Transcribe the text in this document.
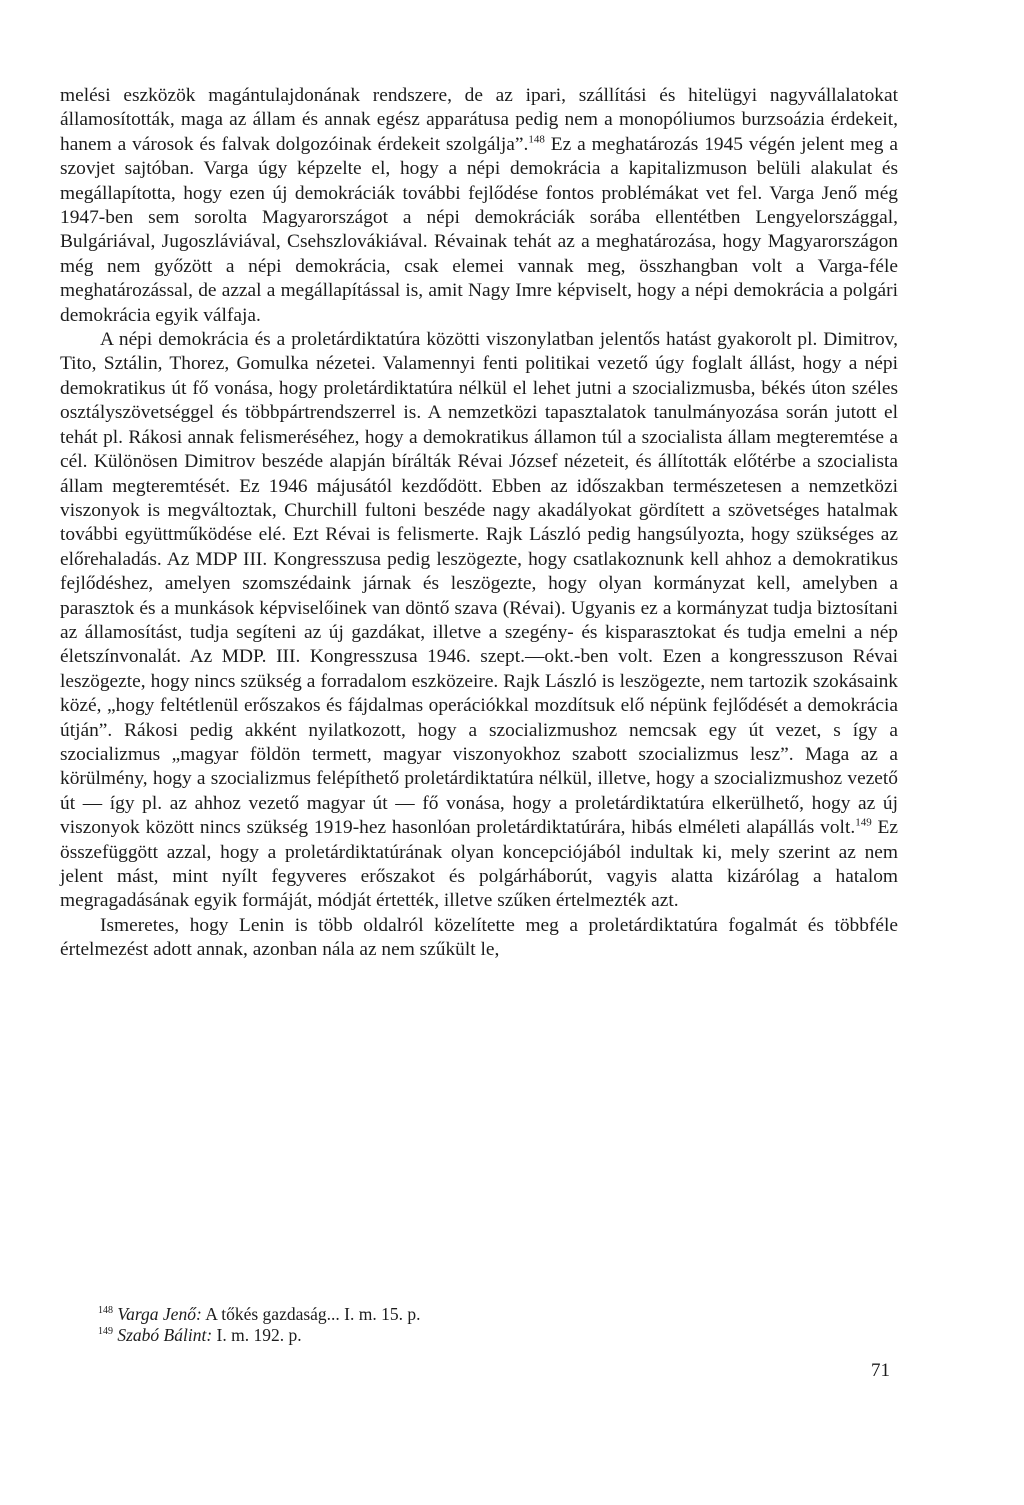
melési eszközök magántulajdonának rendszere, de az ipari, szállítási és hitelügyi nagyvállalatokat államosították, maga az állam és annak egész apparátusa pedig nem a monopóliumos burzsoázia érdekeit, hanem a városok és falvak dolgozóinak érdekeit szolgálja”.$^{148}$ Ez a meghatározás 1945 végén jelent meg a szovjet sajtóban. Varga úgy képzelte el, hogy a népi demokrácia a kapitalizmuson belüli alakulat és megállapította, hogy ezen új demokráciák további fejlődése fontos problémákat vet fel. Varga Jenő még 1947-ben sem sorolta Magyarországot a népi demokráciák sorába ellentétben Lengyelországgal, Bulgáriával, Jugoszláviával, Csehszlovákiával. Révainak tehát az a meghatározása, hogy Magyarországon még nem győzött a népi demokrácia, csak elemei vannak meg, összhangban volt a Varga-féle meghatározással, de azzal a megállapítással is, amit Nagy Imre képviselt, hogy a népi demokrácia a polgári demokrácia egyik válfaja.

A népi demokrácia és a proletárdiktatúra közötti viszonylatban jelentős hatást gyakorolt pl. Dimitrov, Tito, Sztálin, Thorez, Gomulka nézetei. Valamennyi fenti politikai vezető úgy foglalt állást, hogy a népi demokratikus út fő vonása, hogy proletárdiktatúra nélkül el lehet jutni a szocializmusba, békés úton széles osztályszövetséggel és többpártrendszerrel is. A nemzetközi tapasztalatok tanulmányozása során jutott el tehát pl. Rákosi annak felismeréséhez, hogy a demokratikus államon túl a szocialista állam megteremtése a cél. Különösen Dimitrov beszéde alapján bírálták Révai József nézeteit, és állították előtérbe a szocialista állam megteremtését. Ez 1946 májusától kezdődött. Ebben az időszakban természetesen a nemzetközi viszonyok is megváltoztak, Churchill fultoni beszéde nagy akadályokat gördített a szövetséges hatalmak további együttműködése elé. Ezt Révai is felismerte. Rajk László pedig hangsúlyozta, hogy szükséges az előrehaladás. Az MDP III. Kongresszusa pedig leszögezte, hogy csatlakoznunk kell ahhoz a demokratikus fejlődéshez, amelyen szomszédaink járnak és leszögezte, hogy olyan kormányzat kell, amelyben a parasztok és a munkások képviselőinek van döntő szava (Révai). Ugyanis ez a kormányzat tudja biztosítani az államosítást, tudja segíteni az új gazdákat, illetve a szegény- és kisparasztokat és tudja emelni a nép életszínvonalát. Az MDP. III. Kongresszusa 1946. szept.—okt.-ben volt. Ezen a kongresszuson Révai leszögezte, hogy nincs szükség a forradalom eszközeire. Rajk László is leszögezte, nem tartozik szokásaink közé, „hogy feltétlenül erőszakos és fájdalmas operációkkal mozdítsuk elő népünk fejlődését a demokrácia útján”. Rákosi pedig akként nyilatkozott, hogy a szocializmushoz nemcsak egy út vezet, s így a szocializmus „magyar földön termett, magyar viszonyokhoz szabott szocializmus lesz”. Maga az a körülmény, hogy a szocializmus felépíthető proletárdiktatúra nélkül, illetve, hogy a szocializmushoz vezető út — így pl. az ahhoz vezető magyar út — fő vonása, hogy a proletárdiktatúra elkerülhető, hogy az új viszonyok között nincs szükség 1919-hez hasonlóan proletárdiktatúrára, hibás elméleti alapállás volt.$^{149}$ Ez összefüggött azzal, hogy a proletárdiktatúrának olyan koncepciójából indultak ki, mely szerint az nem jelent mást, mint nyílt fegyveres erőszakot és polgárháborút, vagyis alatta kizárólag a hatalom megragadásának egyik formáját, módját értették, illetve szűken értelmezték azt.

Ismeretes, hogy Lenin is több oldalról közelítette meg a proletárdiktatúra fogalmát és többféle értelmezést adott annak, azonban nála az nem szűkült le,

$^{148}$ Varga Jenő: A tőkés gazdaság... I. m. 15. p.

$^{149}$ Szabó Bálint: I. m. 192. p.

71
